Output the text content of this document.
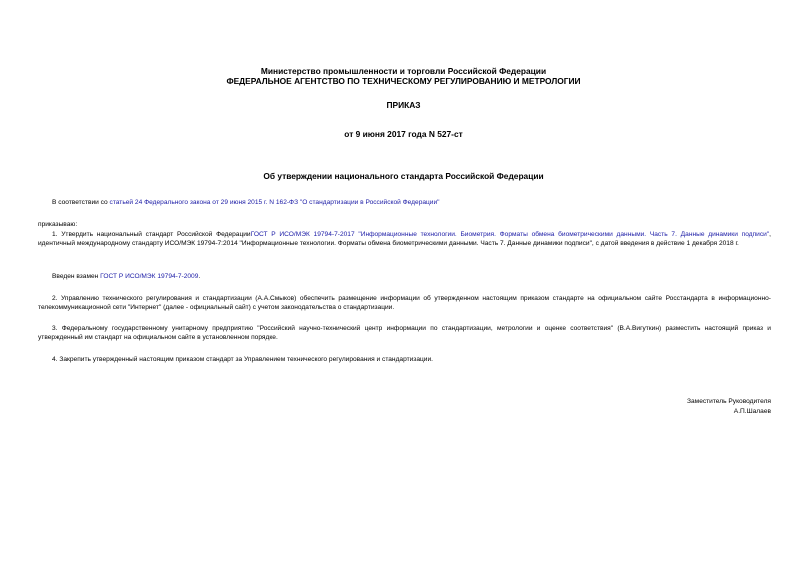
Министерство промышленности и торговли Российской Федерации
ФЕДЕРАЛЬНОЕ АГЕНТСТВО ПО ТЕХНИЧЕСКОМУ РЕГУЛИРОВАНИЮ И МЕТРОЛОГИИ
ПРИКАЗ
от 9 июня 2017 года N 527-ст
Об утверждении национального стандарта Российской Федерации
В соответствии со статьей 24 Федерального закона от 29 июня 2015 г. N 162-ФЗ "О стандартизации в Российской Федерации"
приказываю:
1. Утвердить национальный стандарт Российской ФедерацииГОСТ Р ИСО/МЭК 19794-7-2017 "Информационные технологии. Биометрия. Форматы обмена биометрическими данными. Часть 7. Данные динамики подписи", идентичный международному стандарту ИСО/МЭК 19794-7:2014 "Информационные технологии. Форматы обмена биометрическими данными. Часть 7. Данные динамики подписи", с датой введения в действие 1 декабря 2018 г.
Введен взамен ГОСТ Р ИСО/МЭК 19794-7-2009.
2. Управлению технического регулирования и стандартизации (А.А.Смыков) обеспечить размещение информации об утвержденном настоящим приказом стандарте на официальном сайте Росстандарта в информационно-телекоммуникационной сети "Интернет" (далее - официальный сайт) с учетом законодательства о стандартизации.
3. Федеральному государственному унитарному предприятию "Российский научно-технический центр информации по стандартизации, метрологии и оценке соответствия" (В.А.Вигуткин) разместить настоящий приказ и утвержденный им стандарт на официальном сайте в установленном порядке.
4. Закрепить утвержденный настоящим приказом стандарт за Управлением технического регулирования и стандартизации.
Заместитель Руководителя
А.П.Шалаев
